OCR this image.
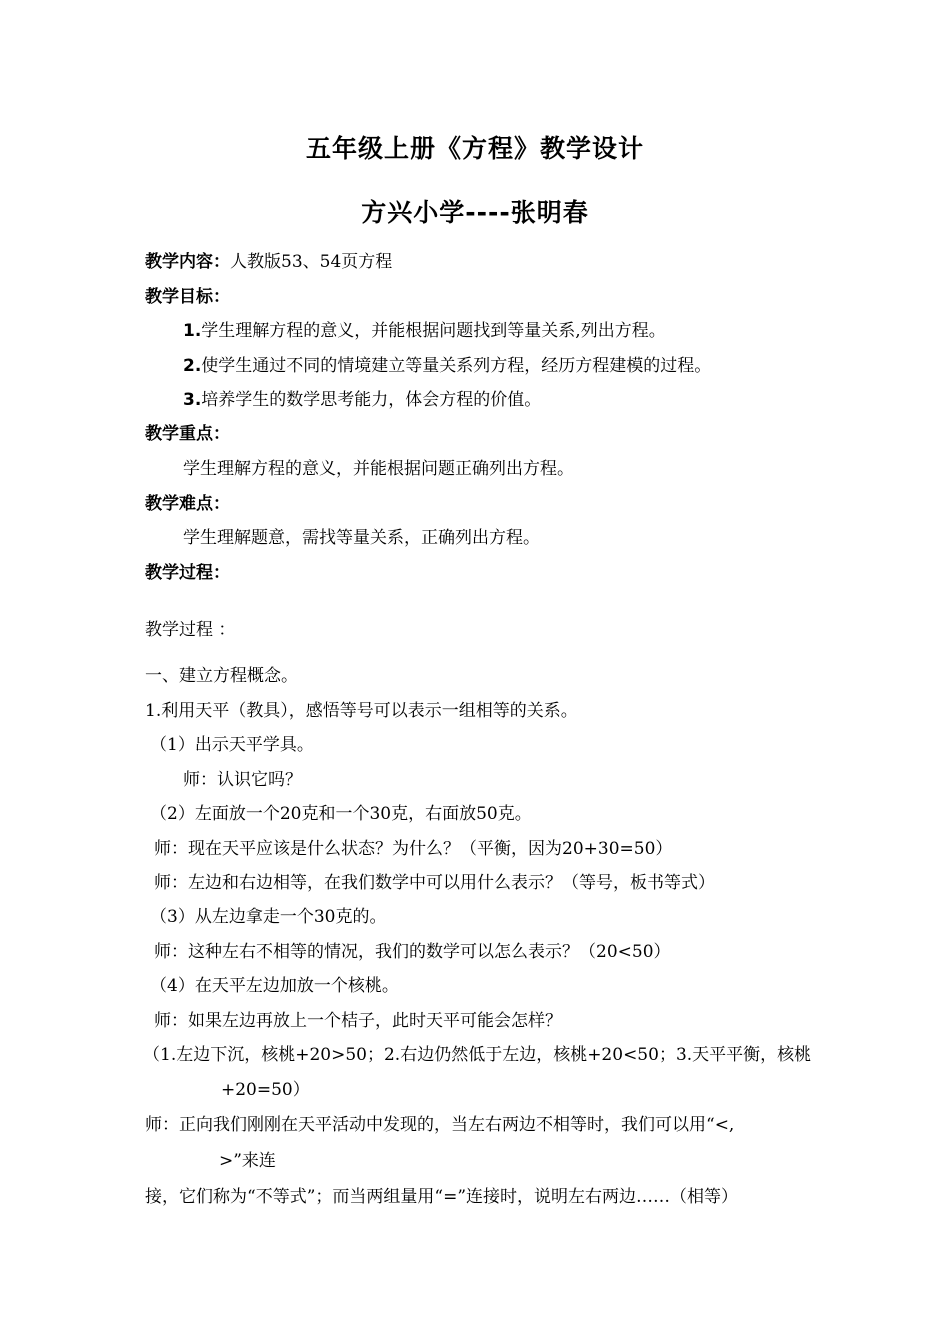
五年级上册《方程》教学设计
方兴小学----张明春
教学内容：人教版53、54页方程
教学目标：
1.学生理解方程的意义，并能根据问题找到等量关系,列出方程。
2.使学生通过不同的情境建立等量关系列方程，经历方程建模的过程。
3.培养学生的数学思考能力，体会方程的价值。
教学重点：
学生理解方程的意义，并能根据问题正确列出方程。
教学难点：
学生理解题意，需找等量关系，正确列出方程。
教学过程：
教学过程 ：
一、建立方程概念。
1.利用天平（教具），感悟等号可以表示一组相等的关系。
（1）出示天平学具。
师：认识它吗？
（2）左面放一个20克和一个30克，右面放50克。
师：现在天平应该是什么状态？为什么？（平衡，因为20+30=50）
师：左边和右边相等，在我们数学中可以用什么表示？（等号，板书等式）
（3）从左边拿走一个30克的。
师：这种左右不相等的情况，我们的数学可以怎么表示？（20<50）
（4）在天平左边加放一个核桃。
师：如果左边再放上一个桔子，此时天平可能会怎样？
（1.左边下沉，核桃+20>50；2.右边仍然低于左边，核桃+20<50；3.天平平衡，核桃
+20=50）
师：正向我们刚刚在天平活动中发现的，当左右两边不相等时，我们可以用“<,
>”来连
接，它们称为“不等式”；而当两组量用“=”连接时，说明左右两边……（相等）
